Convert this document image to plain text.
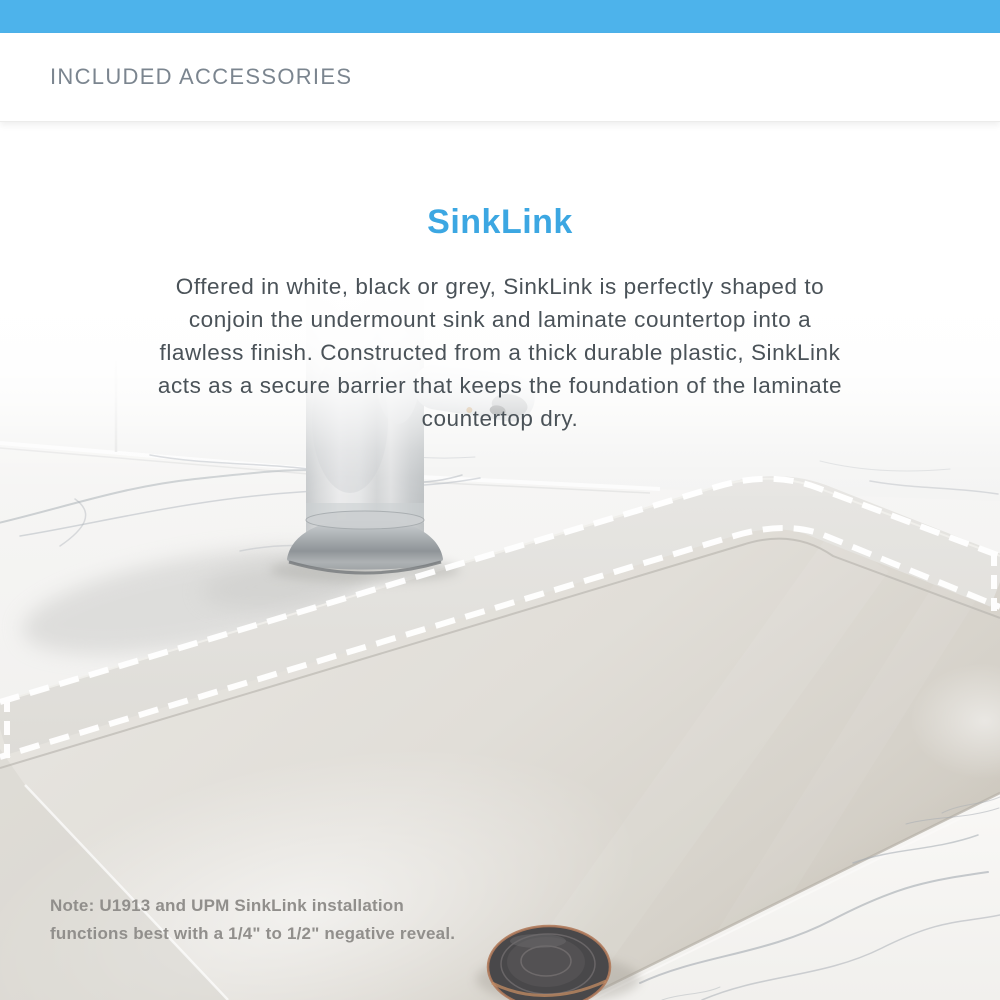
INCLUDED ACCESSORIES
SinkLink
Offered in white, black or grey, SinkLink is perfectly shaped to
conjoin the undermount sink and laminate countertop into a
flawless finish. Constructed from a thick durable plastic, SinkLink
acts as a secure barrier that keeps the foundation of the laminate
countertop dry.
Note: U1913 and UPM SinkLink installation
functions best with a 1/4" to 1/2" negative reveal.
